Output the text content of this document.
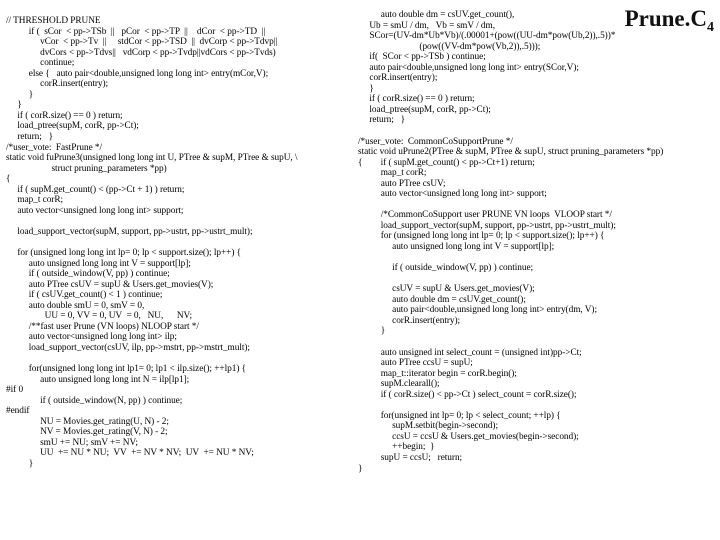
$Prune.C_4$
// THRESHOLD PRUNE
if (  sCor  < pp->TSb  ||   pCor  < pp->TP  ||    dCor  < pp->TD  ||
vCor  < pp->Tv  ||     stdCor < pp->TSD  ||  dvCorp < pp->Tdvp||
dvCors < pp->Tdvs||   vdCorp < pp->Tvdp||vdCors < pp->Tvds)
continue;
else {   auto pair<double,unsigned long long int> entry(mCor,V);
corR.insert(entry);
}
}
if ( corR.size() == 0 ) return;
load_ptree(supM, corR, pp->Ct);
return;   }
/*user_vote:  FastPrune */
static void fuPrune3(unsigned long long int U, PTree & supM, PTree & supU, \
struct pruning_parameters *pp)
{
if ( supM.get_count() < (pp->Ct + 1) ) return;
map_t corR;
auto vector<unsigned long long int> support;
load_support_vector(supM, support, pp->ustrt, pp->ustrt_mult);
for (unsigned long long int lp= 0; lp < support.size(); lp++) {
auto unsigned long long int V = support[lp];
if ( outside_window(V, pp) ) continue;
auto PTree csUV = supU & Users.get_movies(V);
if ( csUV.get_count() < 1 ) continue;
auto double smU = 0, smV = 0,
UU = 0, VV = 0, UV  = 0,   NU,      NV;
/**fast user Prune (VN loops) NLOOP start */
auto vector<unsigned long long int> ilp;
load_support_vector(csUV, ilp, pp->mstrt, pp->mstrt_mult);
for(unsigned long long int lp1= 0; lp1 < ilp.size(); ++lp1) {
auto unsigned long long int N = ilp[lp1];
#if 0
if ( outside_window(N, pp) ) continue;
#endif
NU = Movies.get_rating(U, N) - 2;
NV = Movies.get_rating(V, N) - 2;
smU += NU; smV += NV;
UU  += NU * NU;  VV  += NV * NV;  UV  += NU * NV;
}
auto double dm = csUV.get_count(),
Ub = smU / dm,   Vb = smV / dm,
SCor=(UV-dm*Ub*Vb)/(.00001+(pow((UU-dm*pow(Ub,2)),.5))*
(pow((VV-dm*pow(Vb,2)),.5)));
if(  SCor < pp->TSb ) continue;
auto pair<double,unsigned long long int> entry(SCor,V);
corR.insert(entry);
}
if ( corR.size() == 0 ) return;
load_ptree(supM, corR, pp->Ct);
return;   }
/*user_vote:  CommonCoSupportPrune */
static void uPrune2(PTree & supM, PTree & supU, struct pruning_parameters *pp)
{        if ( supM.get_count() < pp->Ct+1) return;
map_t corR;
auto PTree csUV;
auto vector<unsigned long long int> support;
/*CommonCoSupport user PRUNE VN loops  VLOOP start */
load_support_vector(supM, support, pp->ustrt, pp->ustrt_mult);
for (unsigned long long int lp= 0; lp < support.size(); lp++) {
auto unsigned long long int V = support[lp];
if ( outside_window(V, pp) ) continue;
csUV = supU & Users.get_movies(V);
auto double dm = csUV.get_count();
auto pair<double,unsigned long long int> entry(dm, V);
corR.insert(entry);
}
auto unsigned int select_count = (unsigned int)pp->Ct;
auto PTree ccsU = supU;
map_t::iterator begin = corR.begin();
supM.clearall();
if ( corR.size() < pp->Ct ) select_count = corR.size();
for(unsigned int lp= 0; lp < select_count; ++lp) {
supM.setbit(begin->second);
ccsU = ccsU & Users.get_movies(begin->second);
++begin;  }
supU = ccsU;   return;
}
